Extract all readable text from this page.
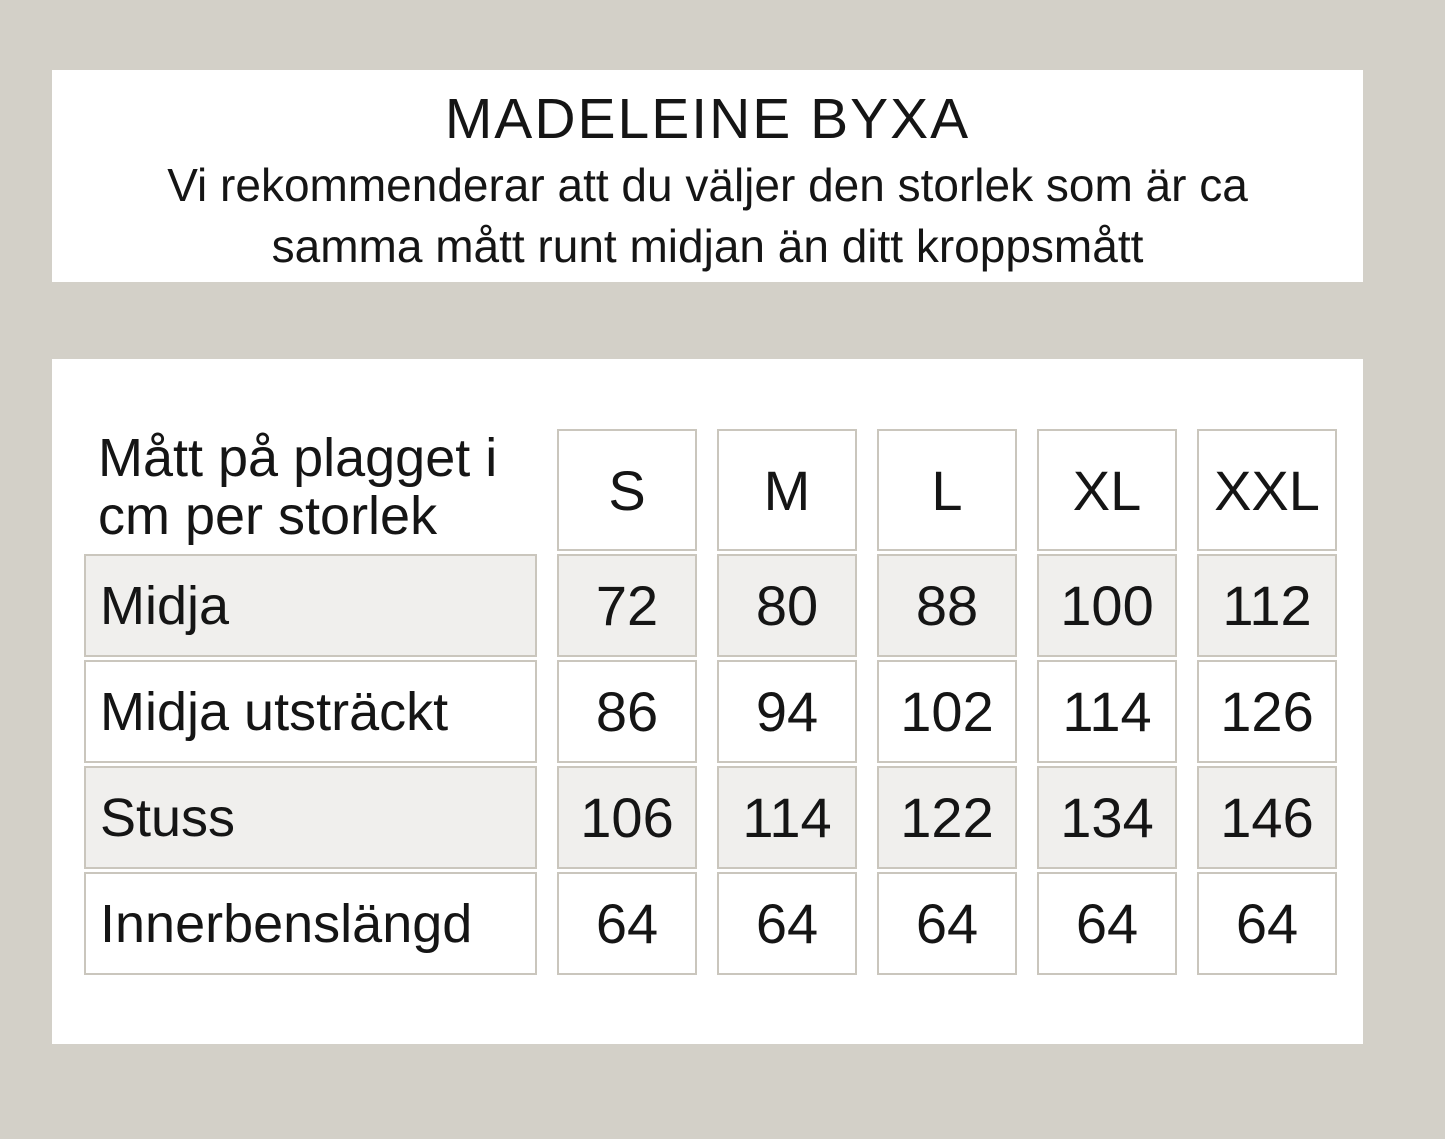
MADELEINE BYXA
Vi rekommenderar att du väljer den storlek som är ca
samma mått runt midjan än ditt kroppsmått
Mått på plagget i
cm per storlek
Midja
Midja utsträckt
Stuss
Innerbenslängd
S
72
86
106
64
M
80
94
114
64
L
88
102
122
64
XL
100
114
134
64
XXL
112
126
146
64
